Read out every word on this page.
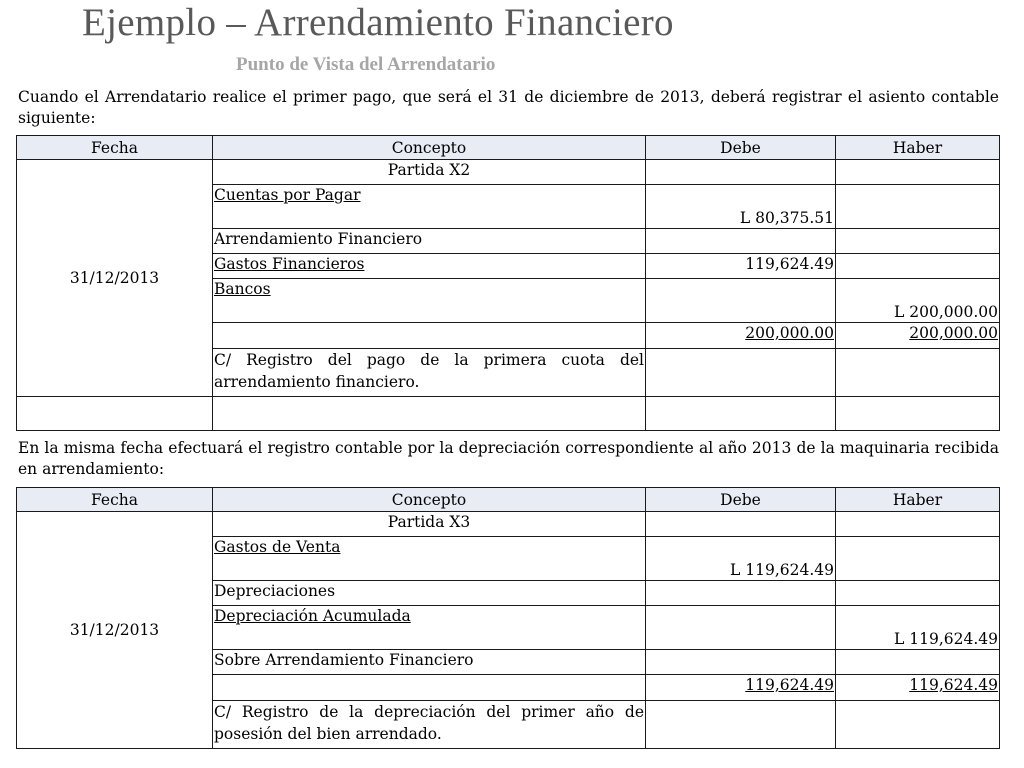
Ejemplo – Arrendamiento Financiero
Punto de Vista del Arrendatario
Cuando el Arrendatario realice el primer pago, que será el 31 de diciembre de 2013, deberá registrar el asiento contable siguiente:
Fecha	Concepto	Debe	Haber
31/12/2013	Partida X2		
	Cuentas por Pagar	L 80,375.51	
	Arrendamiento Financiero		
	Gastos Financieros	119,624.49	
	Bancos		L 200,000.00
		200,000.00	200,000.00
	C/ Registro del pago de la primera cuota del arrendamiento financiero.		

En la misma fecha efectuará el registro contable por la depreciación correspondiente al año 2013 de la maquinaria recibida en arrendamiento:
Fecha	Concepto	Debe	Haber
31/12/2013	Partida X3		
	Gastos de Venta	L 119,624.49	
	Depreciaciones		
	Depreciación Acumulada		L 119,624.49
	Sobre Arrendamiento Financiero		
		119,624.49	119,624.49
	C/ Registro de la depreciación del primer año de posesión del bien arrendado.		
